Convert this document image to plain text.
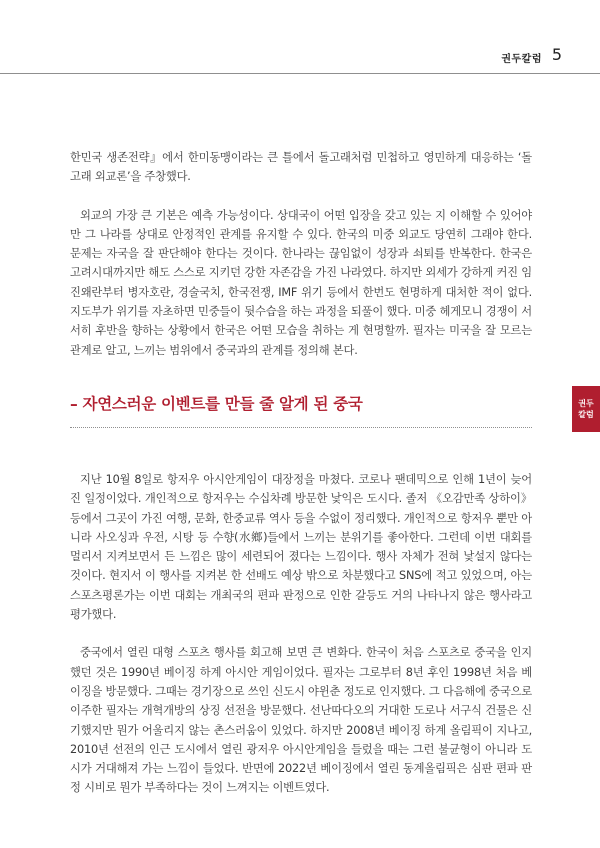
권두칼럼 5
권두
칼럼

한민국 생존전략』에서 한미동맹이라는 큰 틀에서 돌고래처럼 민첩하고 영민하게 대응하는 ‘돌고래 외교론’을 주창했다.

외교의 가장 큰 기본은 예측 가능성이다. 상대국이 어떤 입장을 갖고 있는 지 이해할 수 있어야만 그 나라를 상대로 안정적인 관계를 유지할 수 있다. 한국의 미중 외교도 당연히 그래야 한다. 문제는 자국을 잘 판단해야 한다는 것이다. 한나라는 끊임없이 성장과 쇠퇴를 반복한다. 한국은 고려시대까지만 해도 스스로 지키던 강한 자존감을 가진 나라였다. 하지만 외세가 강하게 커진 임진왜란부터 병자호란, 경술국치, 한국전쟁, IMF 위기 등에서 한번도 현명하게 대처한 적이 없다. 지도부가 위기를 자초하면 민중들이 뒷수습을 하는 과정을 되풀이 했다. 미중 헤게모니 경쟁이 서서히 후반을 향하는 상황에서 한국은 어떤 모습을 취하는 게 현명할까. 필자는 미국을 잘 모르는 관계로 알고, 느끼는 범위에서 중국과의 관계를 정의해 본다.

– 자연스러운 이벤트를 만들 줄 알게 된 중국

지난 10월 8일로 항저우 아시안게임이 대장정을 마쳤다. 코로나 팬데믹으로 인해 1년이 늦어진 일정이었다. 개인적으로 항저우는 수십차례 방문한 낯익은 도시다. 졸저 《오감만족 상하이》 등에서 그곳이 가진 여행, 문화, 한중교류 역사 등을 수없이 정리했다. 개인적으로 항저우 뿐만 아니라 사오싱과 우전, 시탕 등 수향(水鄉)들에서 느끼는 분위기를 좋아한다. 그런데 이번 대회를 멀리서 지켜보면서 든 느낌은 많이 세련되어 졌다는 느낌이다. 행사 자체가 전혀 낯설지 않다는 것이다. 현지서 이 행사를 지켜본 한 선배도 예상 밖으로 차분했다고 SNS에 적고 있었으며, 아는 스포츠평론가는 이번 대회는 개최국의 편파 판정으로 인한 갈등도 거의 나타나지 않은 행사라고 평가했다.

중국에서 열린 대형 스포츠 행사를 회고해 보면 큰 변화다. 한국이 처음 스포츠로 중국을 인지했던 것은 1990년 베이징 하계 아시안 게임이었다. 필자는 그로부터 8년 후인 1998년 처음 베이징을 방문했다. 그때는 경기장으로 쓰인 신도시 야윈춘 정도로 인지했다. 그 다음해에 중국으로 이주한 필자는 개혁개방의 상징 선전을 방문했다. 선난따다오의 거대한 도로나 서구식 건물은 신기했지만 뭔가 어울리지 않는 촌스러움이 있었다. 하지만 2008년 베이징 하계 올림픽이 지나고, 2010년 선전의 인근 도시에서 열린 광저우 아시안게임을 들렀을 때는 그런 불균형이 아니라 도시가 거대해져 가는 느낌이 들었다. 반면에 2022년 베이징에서 열린 동계올림픽은 심판 편파 판정 시비로 뭔가 부족하다는 것이 느껴지는 이벤트였다.
